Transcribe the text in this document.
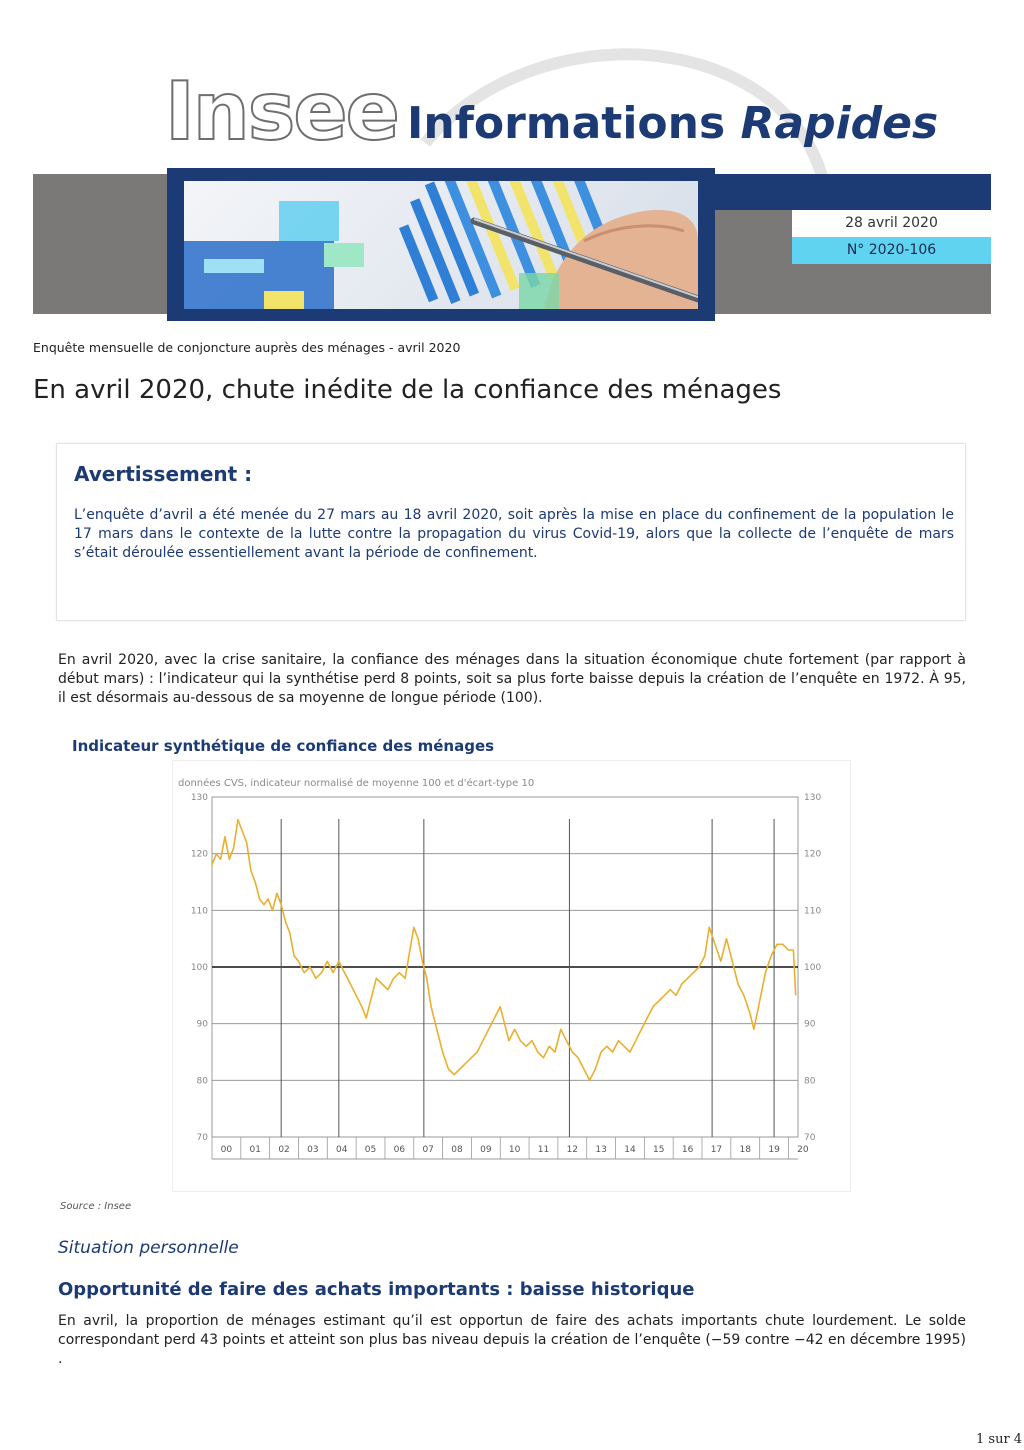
Insee Informations Rapides
28 avril 2020
N° 2020-106
Enquête mensuelle de conjoncture auprès des ménages - avril 2020
En avril 2020, chute inédite de la confiance des ménages
Avertissement :
L’enquête d’avril a été menée du 27 mars au 18 avril 2020, soit après la mise en place du confinement de la population le 17 mars dans le contexte de la lutte contre la propagation du virus Covid-19, alors que la collecte de l’enquête de mars s’était déroulée essentiellement avant la période de confinement.
En avril 2020, avec la crise sanitaire, la confiance des ménages dans la situation économique chute fortement (par rapport à début mars) : l’indicateur qui la synthétise perd 8 points, soit sa plus forte baisse depuis la création de l’enquête en 1972. À 95, il est désormais au-dessous de sa moyenne de longue période (100).
Indicateur synthétique de confiance des ménages
données CVS, indicateur normalisé de moyenne 100 et d'écart-type 10
70	70
80	80
90	90
100	100
110	110
120	120
130	130
00 01 02 03 04 05 06 07 08 09 10 11 12 13 14 15 16 17 18 19 20
Source : Insee
Situation personnelle
Opportunité de faire des achats importants : baisse historique
En avril, la proportion de ménages estimant qu’il est opportun de faire des achats importants chute lourdement. Le solde correspondant perd 43 points et atteint son plus bas niveau depuis la création de l’enquête (−59 contre −42 en décembre 1995) .
1 sur 4
